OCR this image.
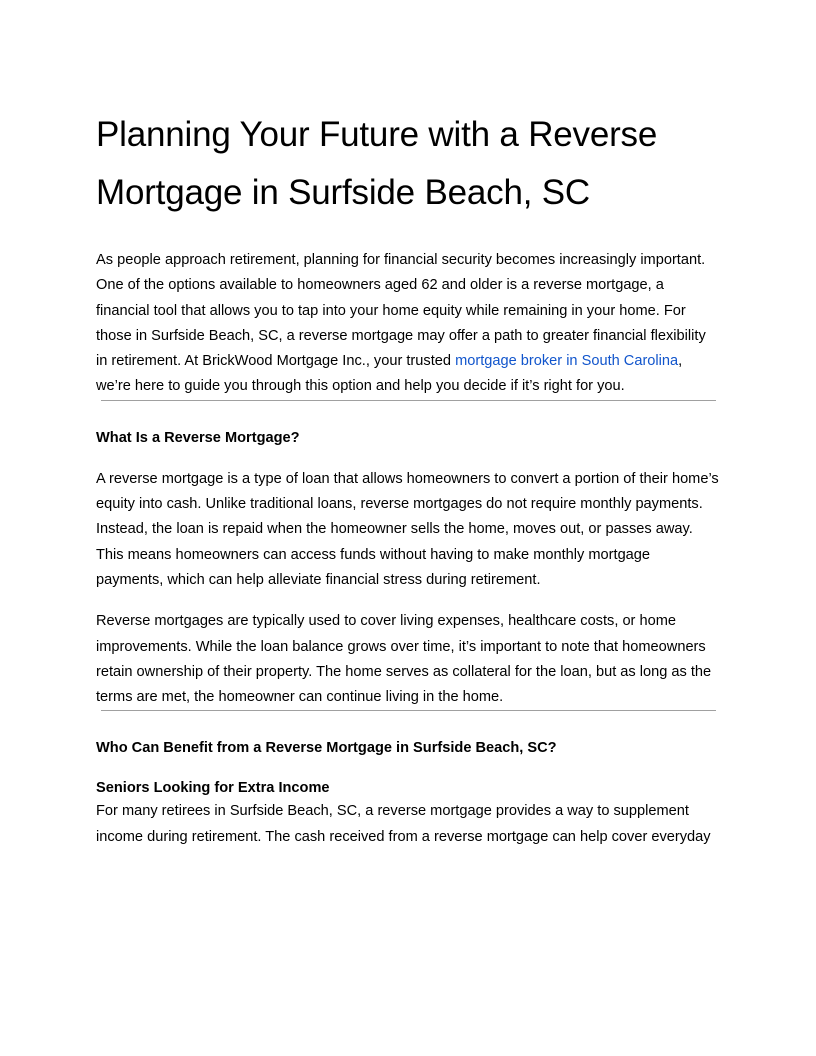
Planning Your Future with a Reverse Mortgage in Surfside Beach, SC

As people approach retirement, planning for financial security becomes increasingly important. One of the options available to homeowners aged 62 and older is a reverse mortgage, a financial tool that allows you to tap into your home equity while remaining in your home. For those in Surfside Beach, SC, a reverse mortgage may offer a path to greater financial flexibility in retirement. At BrickWood Mortgage Inc., your trusted mortgage broker in South Carolina, we’re here to guide you through this option and help you decide if it’s right for you.

What Is a Reverse Mortgage?

A reverse mortgage is a type of loan that allows homeowners to convert a portion of their home’s equity into cash. Unlike traditional loans, reverse mortgages do not require monthly payments. Instead, the loan is repaid when the homeowner sells the home, moves out, or passes away. This means homeowners can access funds without having to make monthly mortgage payments, which can help alleviate financial stress during retirement.

Reverse mortgages are typically used to cover living expenses, healthcare costs, or home improvements. While the loan balance grows over time, it’s important to note that homeowners retain ownership of their property. The home serves as collateral for the loan, but as long as the terms are met, the homeowner can continue living in the home.

Who Can Benefit from a Reverse Mortgage in Surfside Beach, SC?
Seniors Looking for Extra Income

For many retirees in Surfside Beach, SC, a reverse mortgage provides a way to supplement income during retirement. The cash received from a reverse mortgage can help cover everyday
